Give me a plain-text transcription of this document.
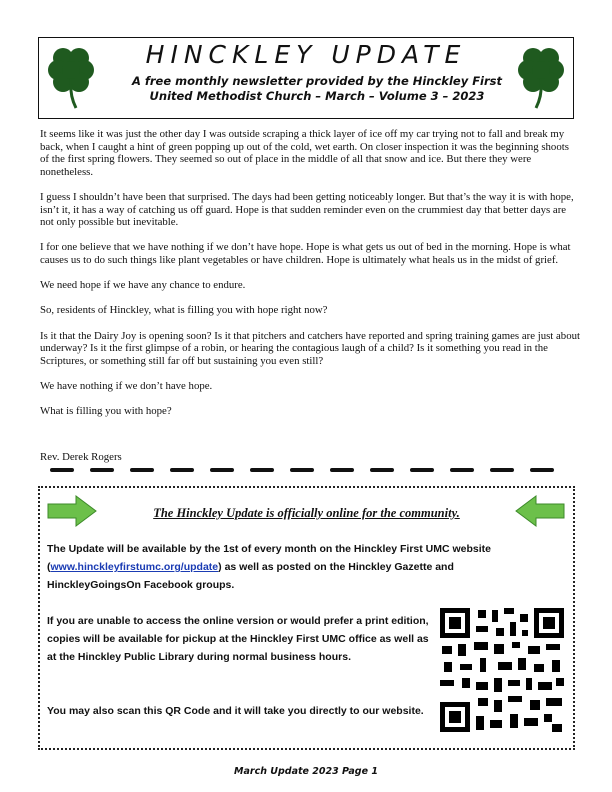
HINCKLEY UPDATE
A free monthly newsletter provided by the Hinckley First
United Methodist Church – March – Volume 3 – 2023

It seems like it was just the other day I was outside scraping a thick layer of ice off my car trying not to fall and break my back, when I caught a hint of green popping up out of the cold, wet earth. On closer inspection it was the beginning shoots of the first spring flowers. They seemed so out of place in the middle of all that snow and ice. But there they were nonetheless.

I guess I shouldn’t have been that surprised. The days had been getting noticeably longer. But that’s the way it is with hope, isn’t it, it has a way of catching us off guard. Hope is that sudden reminder even on the crummiest day that better days are not only possible but inevitable.

I for one believe that we have nothing if we don’t have hope. Hope is what gets us out of bed in the morning. Hope is what causes us to do such things like plant vegetables or have children. Hope is ultimately what heals us in the midst of grief.

We need hope if we have any chance to endure.

So, residents of Hinckley, what is filling you with hope right now?

Is it that the Dairy Joy is opening soon? Is it that pitchers and catchers have reported and spring training games are just about underway? Is it the first glimpse of a robin, or hearing the contagious laugh of a child? Is it something you read in the Scriptures, or something still far off but sustaining you even still?

We have nothing if we don’t have hope.

What is filling you with hope?

Rev. Derek Rogers
The Hinckley Update is officially online for the community.
The Update will be available by the 1st of every month on the Hinckley First UMC website (www.hinckleyfirstumc.org/update) as well as posted on the Hinckley Gazette and HinckleyGoingsOn Facebook groups.
If you are unable to access the online version or would prefer a print edition, copies will be available for pickup at the Hinckley First UMC office as well as at the Hinckley Public Library during normal business hours.
You may also scan this QR Code and it will take you directly to our website.
March Update 2023 Page 1
